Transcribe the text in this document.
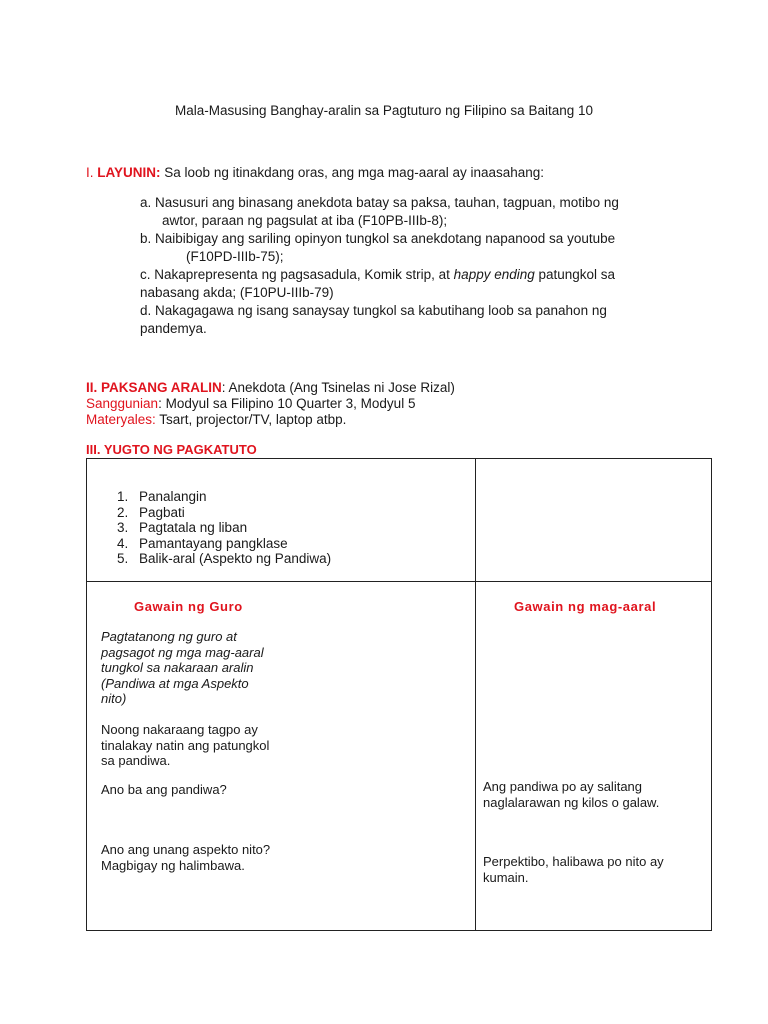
Mala-Masusing Banghay-aralin sa Pagtuturo ng Filipino sa Baitang 10
I. LAYUNIN: Sa loob ng itinakdang oras, ang mga mag-aaral ay inaasahang:
a. Nasusuri ang binasang anekdota batay sa paksa, tauhan, tagpuan, motibo ng
awtor, paraan ng pagsulat at iba (F10PB-IIIb-8);
b. Naibibigay ang sariling opinyon tungkol sa anekdotang napanood sa youtube
(F10PD-IIIb-75);
c. Nakaprepresenta ng pagsasadula, Komik strip, at happy ending patungkol sa
nabasang akda; (F10PU-IIIb-79)
d. Nakagagawa ng isang sanaysay tungkol sa kabutihang loob sa panahon ng
pandemya.
II. PAKSANG ARALIN: Anekdota (Ang Tsinelas ni Jose Rizal)
Sanggunian: Modyul sa Filipino 10 Quarter 3, Modyul 5
Materyales: Tsart, projector/TV, laptop atbp.
III. YUGTO NG PAGKATUTO
1. Panalangin
2. Pagbati
3. Pagtatala ng liban
4. Pamantayang pangklase
5. Balik-aral (Aspekto ng Pandiwa)
Gawain ng Guro	Gawain ng mag-aaral
Pagtatanong ng guro at
pagsagot ng mga mag-aaral
tungkol sa nakaraan aralin
(Pandiwa at mga Aspekto
nito)
Noong nakaraang tagpo ay
tinalakay natin ang patungkol
sa pandiwa.
Ano ba ang pandiwa?
Ano ang unang aspekto nito?
Magbigay ng halimbawa.
Ang pandiwa po ay salitang
naglalarawan ng kilos o galaw.
Perpektibo, halibawa po nito ay
kumain.
